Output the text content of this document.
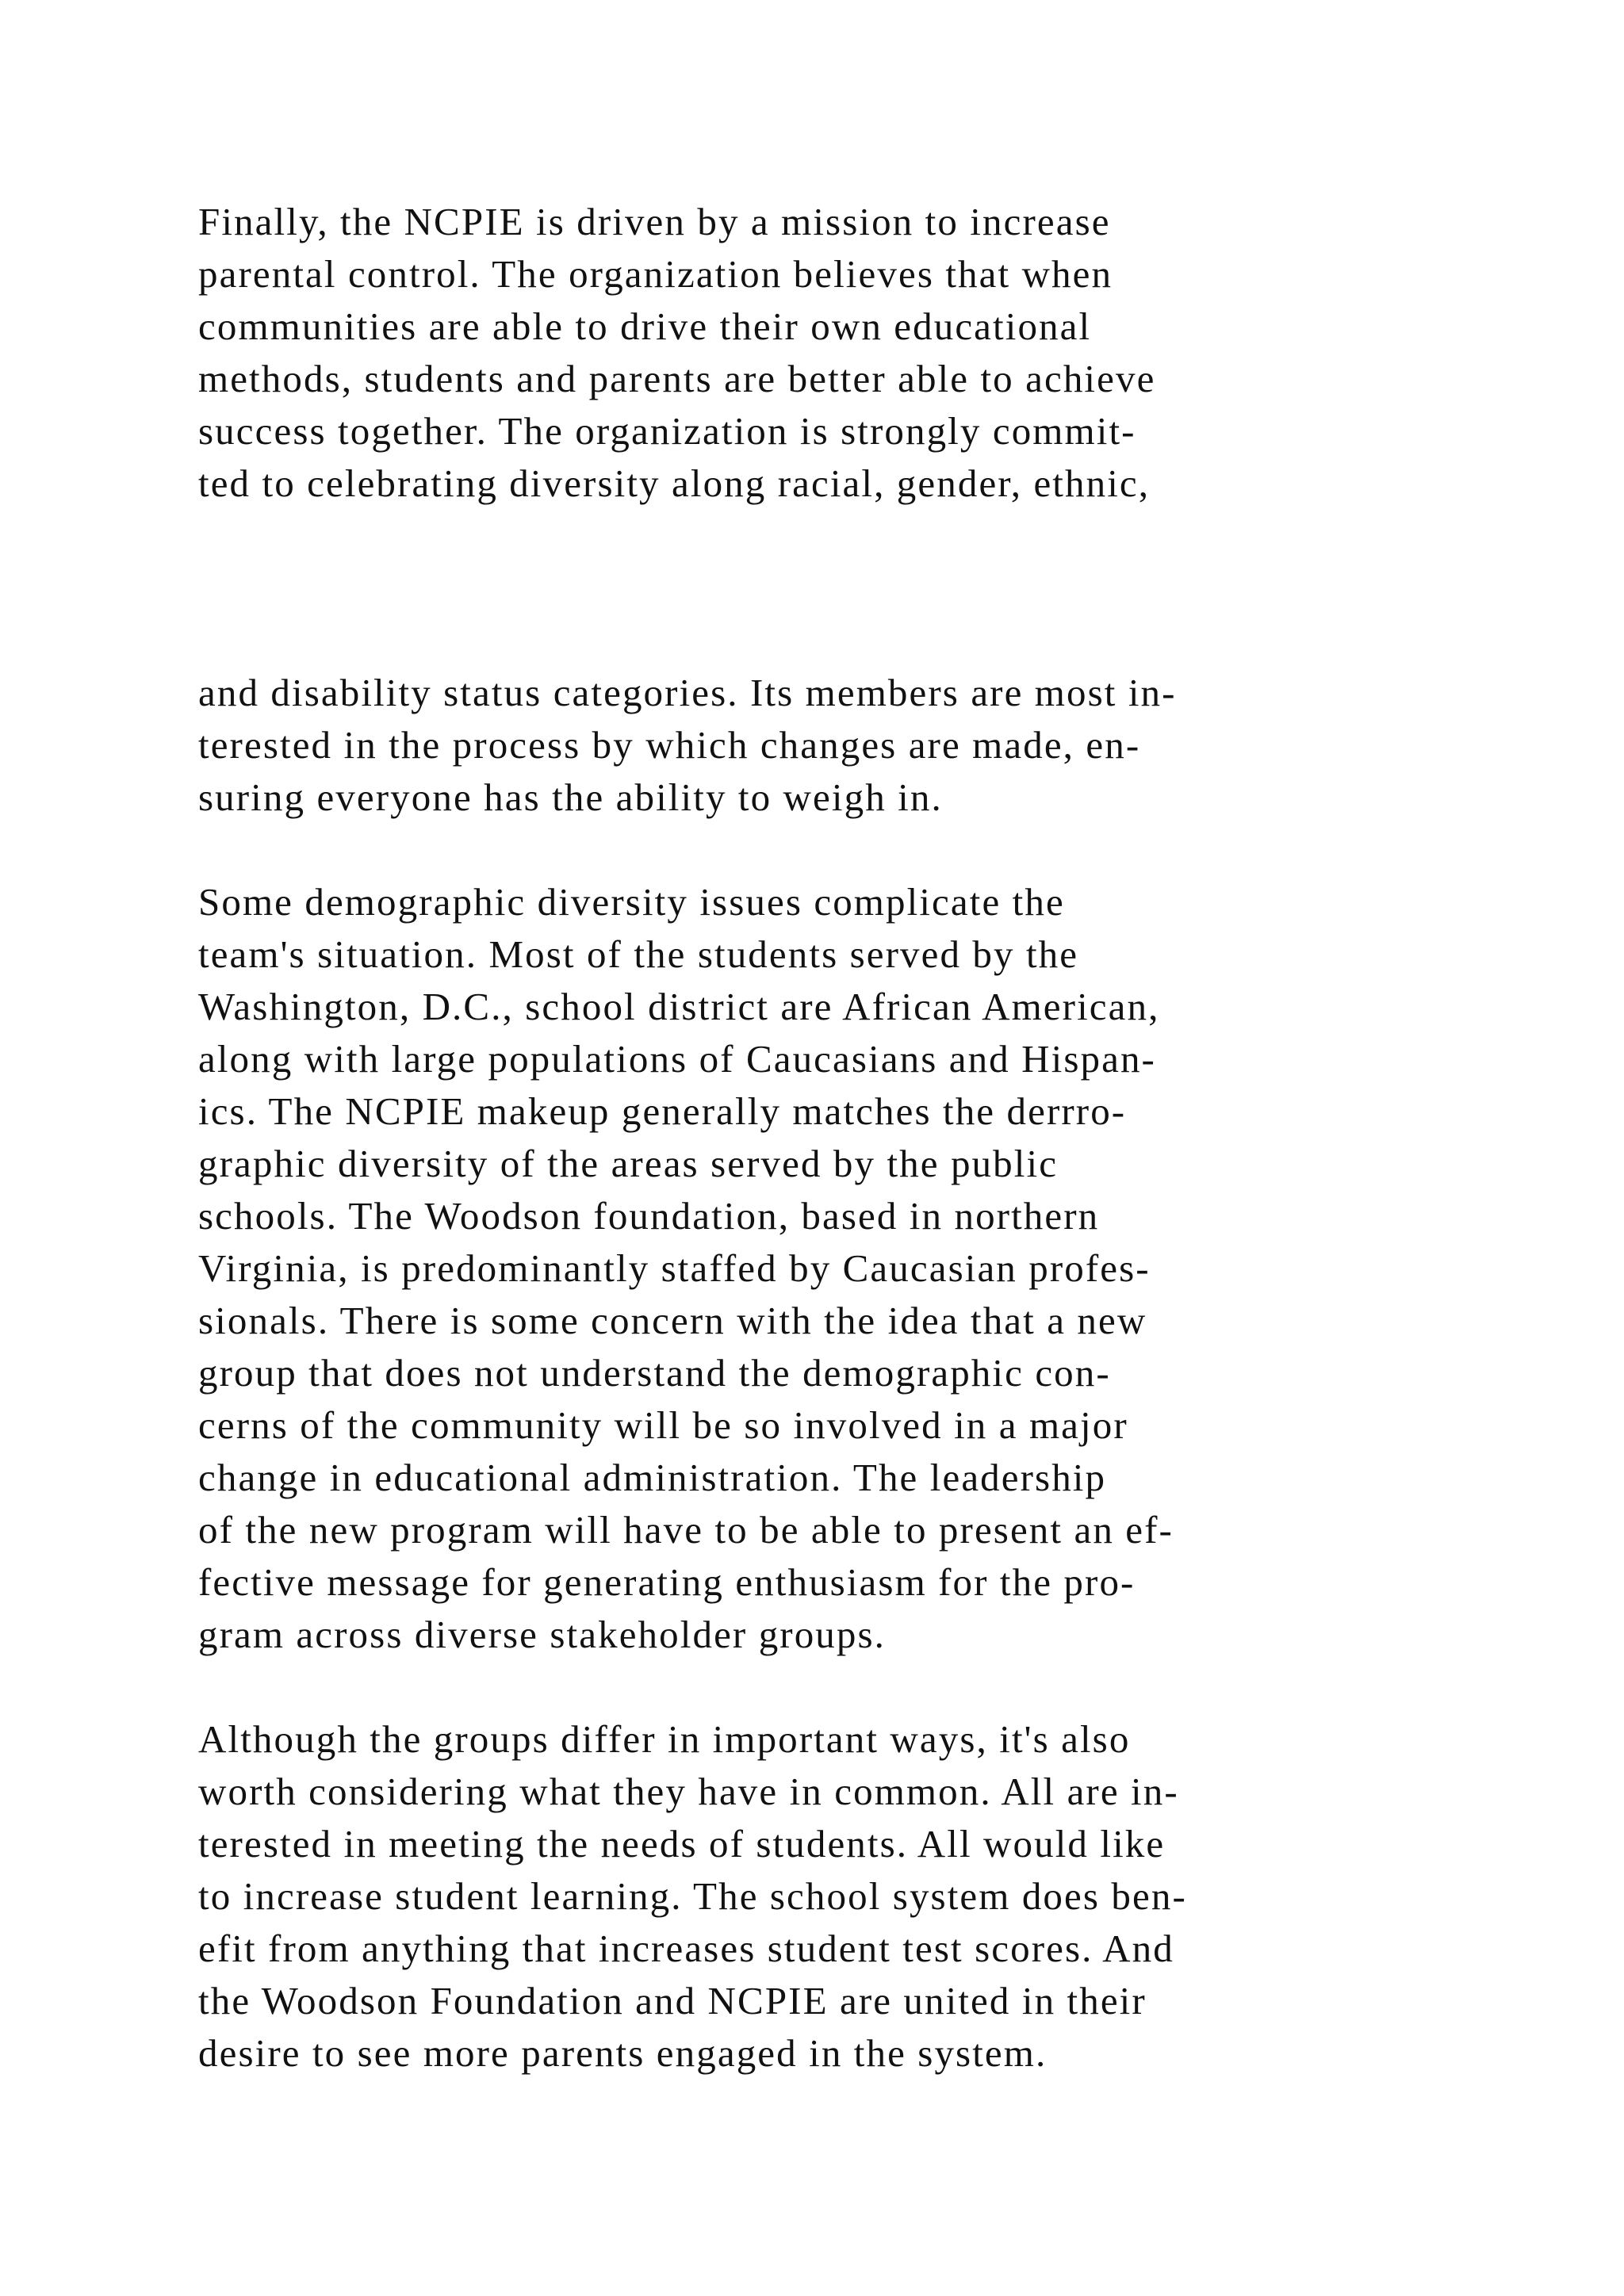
Finally, the NCPIE is driven by a mission to increase
parental control. The organization believes that when
communities are able to drive their own educational
methods, students and parents are better able to achieve
success together. The organization is strongly commit-
ted to celebrating diversity along racial, gender, ethnic,
and disability status categories. Its members are most in-
terested in the process by which changes are made, en-
suring everyone has the ability to weigh in.
Some demographic diversity issues complicate the
team's situation. Most of the students served by the
Washington, D.C., school district are African American,
along with large populations of Caucasians and Hispan-
ics. The NCPIE makeup generally matches the derrro-
graphic diversity of the areas served by the public
schools. The Woodson foundation, based in northern
Virginia, is predominantly staffed by Caucasian profes-
sionals. There is some concern with the idea that a new
group that does not understand the demographic con-
cerns of the community will be so involved in a major
change in educational administration. The leadership
of the new program will have to be able to present an ef-
fective message for generating enthusiasm for the pro-
gram across diverse stakeholder groups.
Although the groups differ in important ways, it's also
worth considering what they have in common. All are in-
terested in meeting the needs of students. All would like
to increase student learning. The school system does ben-
efit from anything that increases student test scores. And
the Woodson Foundation and NCPIE are united in their
desire to see more parents engaged in the system.
